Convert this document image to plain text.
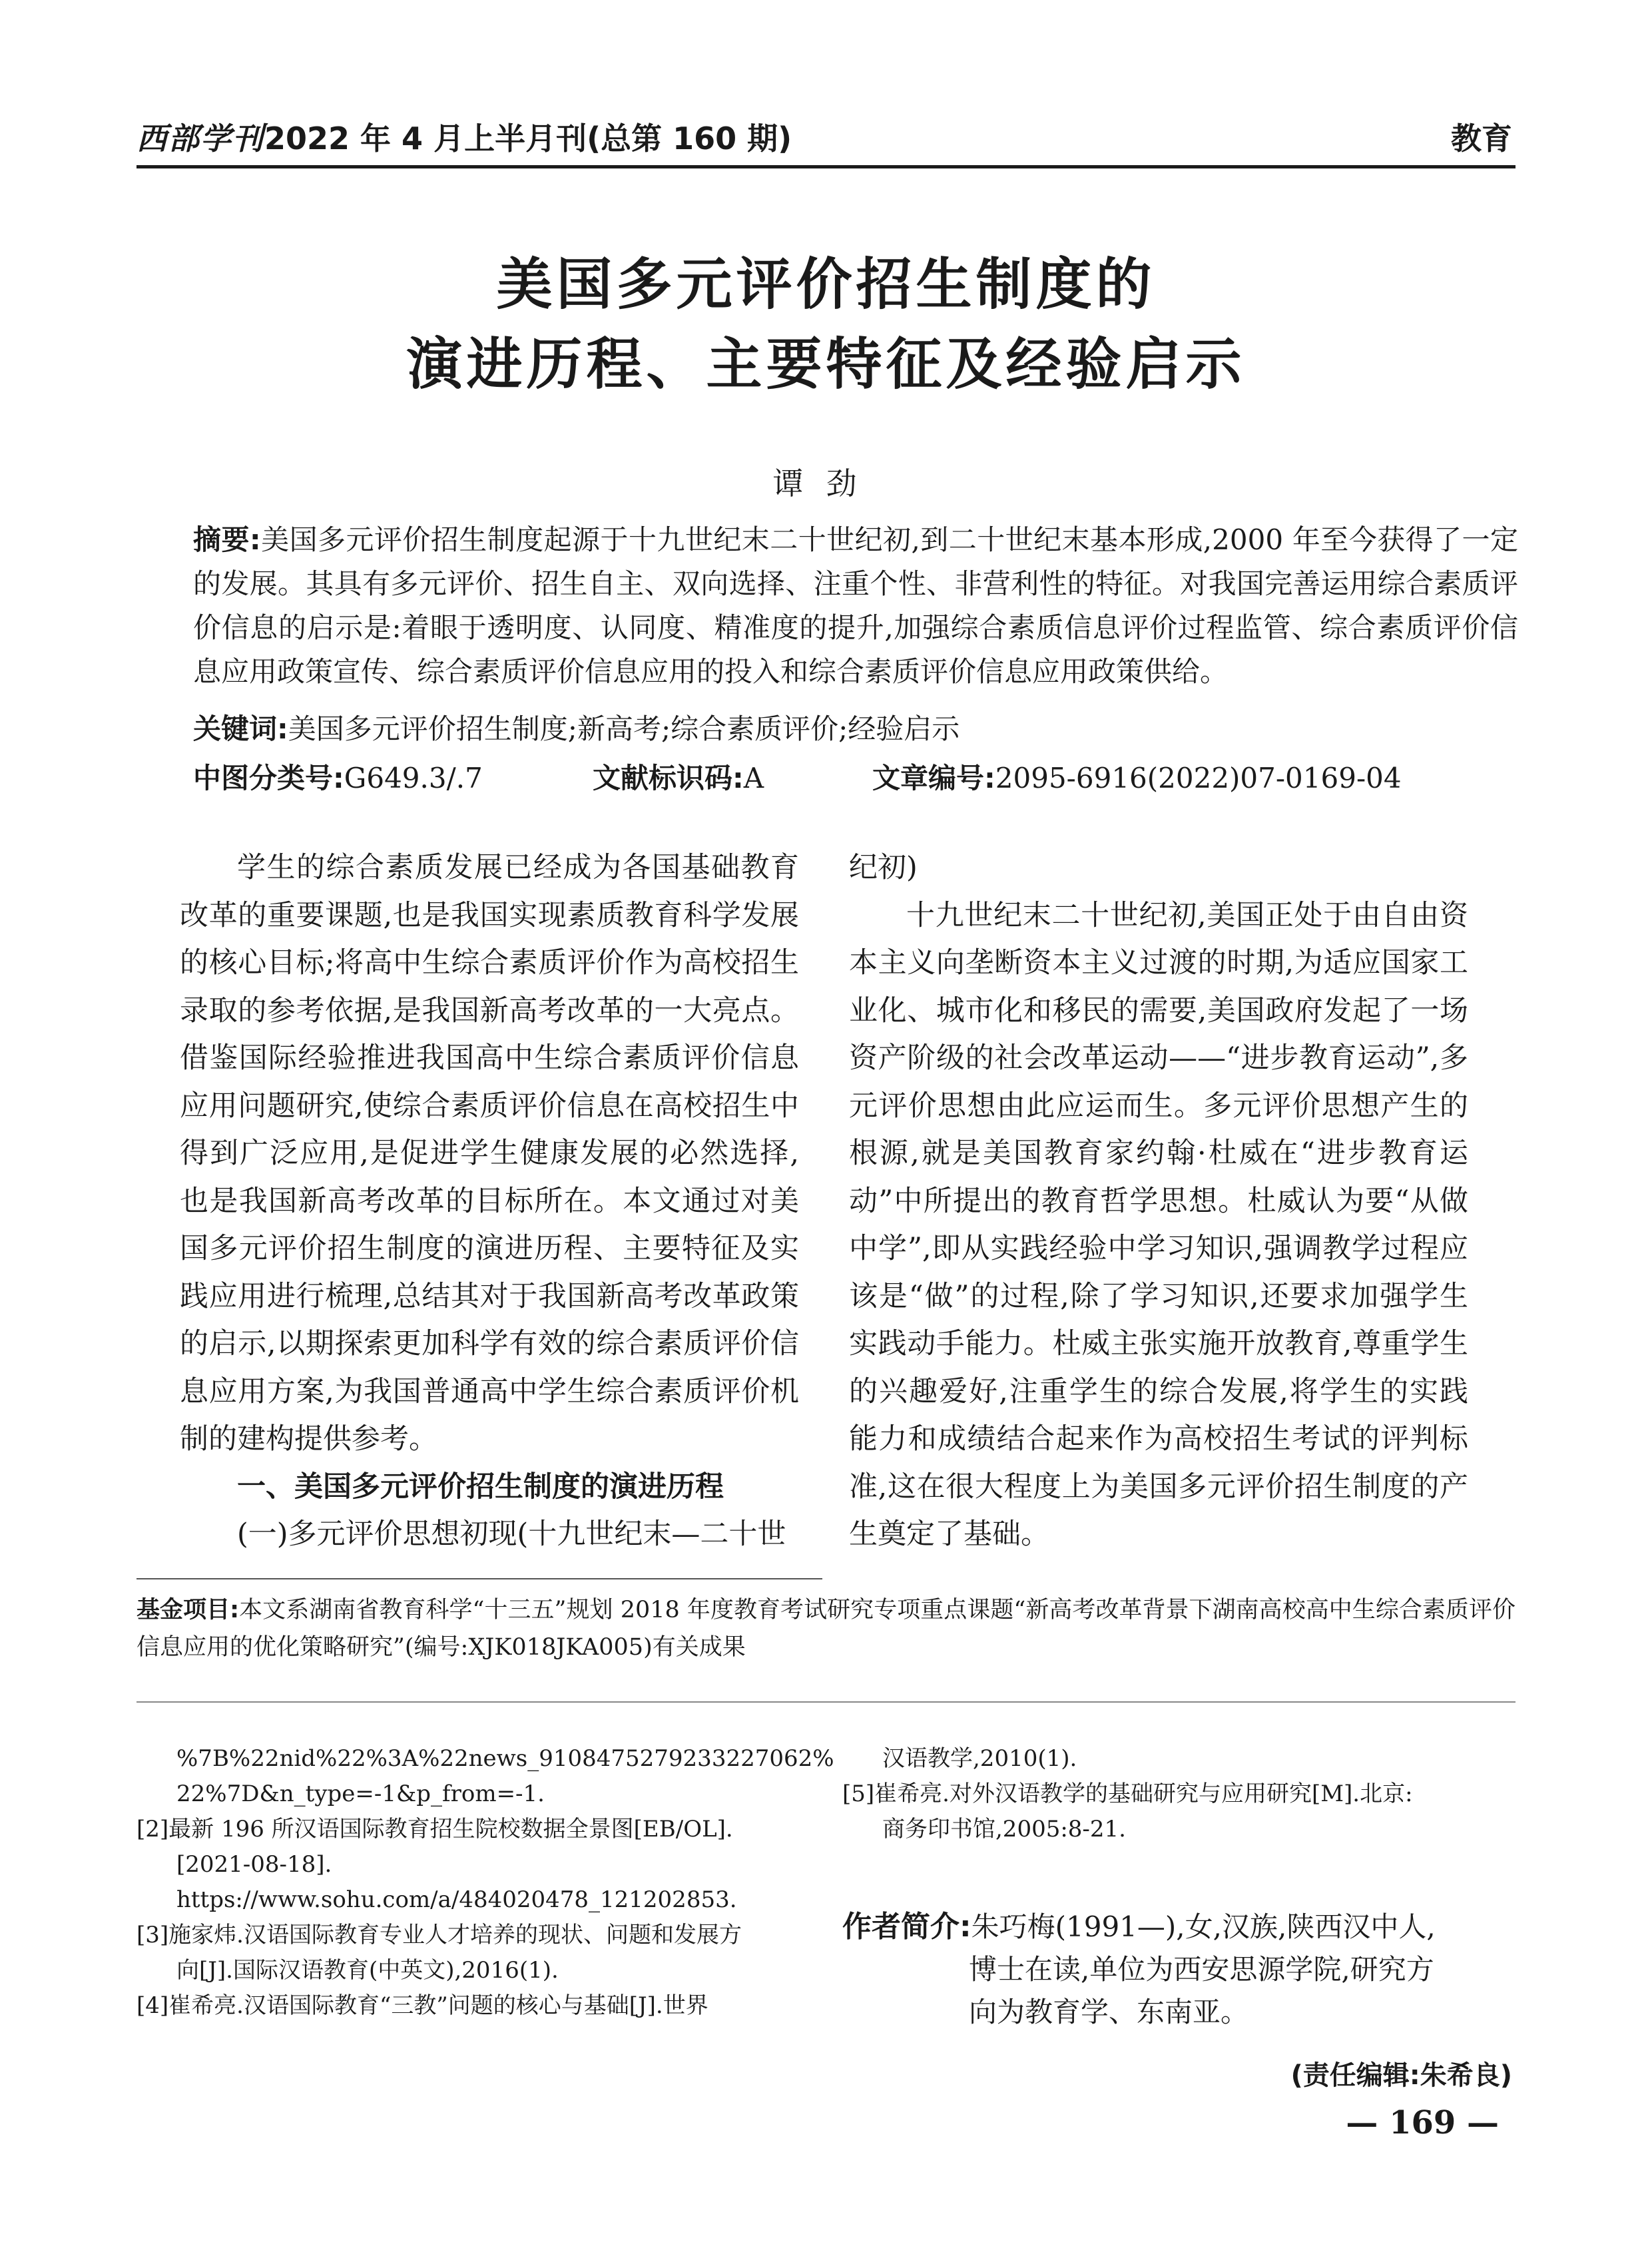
西部学刊2022 年 4 月上半月刊(总第 160 期)	教育
美国多元评价招生制度的
演进历程、主要特征及经验启示
谭劲
摘要:美国多元评价招生制度起源于十九世纪末二十世纪初,到二十世纪末基本形成,2000 年至今获得了一定的发展。其具有多元评价、招生自主、双向选择、注重个性、非营利性的特征。对我国完善运用综合素质评价信息的启示是:着眼于透明度、认同度、精准度的提升,加强综合素质信息评价过程监管、综合素质评价信息应用政策宣传、综合素质评价信息应用的投入和综合素质评价信息应用政策供给。
关键词:美国多元评价招生制度;新高考;综合素质评价;经验启示
中图分类号:G649.3/.7	文献标识码:A	文章编号:2095-6916(2022)07-0169-04

学生的综合素质发展已经成为各国基础教育改革的重要课题,也是我国实现素质教育科学发展的核心目标;将高中生综合素质评价作为高校招生录取的参考依据,是我国新高考改革的一大亮点。借鉴国际经验推进我国高中生综合素质评价信息应用问题研究,使综合素质评价信息在高校招生中得到广泛应用,是促进学生健康发展的必然选择,也是我国新高考改革的目标所在。本文通过对美国多元评价招生制度的演进历程、主要特征及实践应用进行梳理,总结其对于我国新高考改革政策的启示,以期探索更加科学有效的综合素质评价信息应用方案,为我国普通高中学生综合素质评价机制的建构提供参考。

一、美国多元评价招生制度的演进历程

(一)多元评价思想初现(十九世纪末—二十世

纪初)

十九世纪末二十世纪初,美国正处于由自由资本主义向垄断资本主义过渡的时期,为适应国家工业化、城市化和移民的需要,美国政府发起了一场资产阶级的社会改革运动——“进步教育运动”,多元评价思想由此应运而生。多元评价思想产生的根源,就是美国教育家约翰·杜威在“进步教育运动”中所提出的教育哲学思想。杜威认为要“从做中学”,即从实践经验中学习知识,强调教学过程应该是“做”的过程,除了学习知识,还要求加强学生实践动手能力。杜威主张实施开放教育,尊重学生的兴趣爱好,注重学生的综合发展,将学生的实践能力和成绩结合起来作为高校招生考试的评判标准,这在很大程度上为美国多元评价招生制度的产生奠定了基础。

基金项目:本文系湖南省教育科学“十三五”规划 2018 年度教育考试研究专项重点课题“新高考改革背景下湖南高校高中生综合素质评价信息应用的优化策略研究”(编号:XJK018JKA005)有关成果

%7B%22nid%22%3A%22news_9108475279233227062%

22%7D&n_type=-1&p_from=-1.

[2]最新 196 所汉语国际教育招生院校数据全景图[EB/OL].

[2021-08-18].

https://www.sohu.com/a/484020478_121202853.

[3]施家炜.汉语国际教育专业人才培养的现状、问题和发展方

向[J].国际汉语教育(中英文),2016(1).

[4]崔希亮.汉语国际教育“三教”问题的核心与基础[J].世界

汉语教学,2010(1).

[5]崔希亮.对外汉语教学的基础研究与应用研究[M].北京:

商务印书馆,2005:8-21.

作者简介:朱巧梅(1991—),女,汉族,陕西汉中人,
博士在读,单位为西安思源学院,研究方
向为教育学、东南亚。
(责任编辑:朱希良)
— 169 —
